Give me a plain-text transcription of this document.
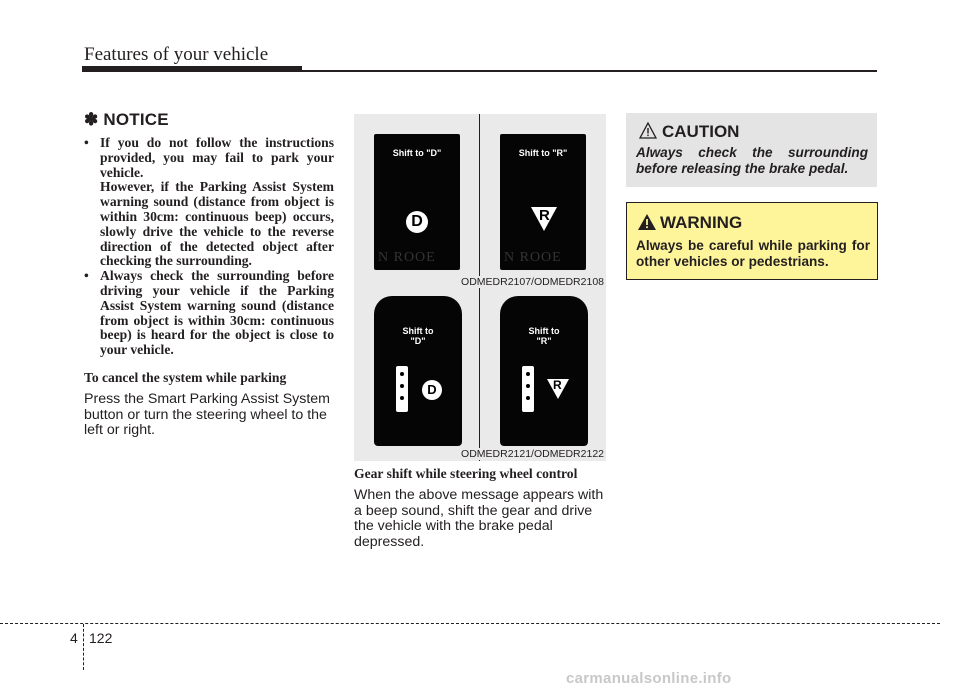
Features of your vehicle
✽ NOTICE

• If you do not follow the instructions provided, you may fail to park your vehicle.

However, if the Parking Assist System warning sound (distance from object is within 30cm: continuous beep) occurs, slowly drive the vehicle to the reverse direction of the detected object after checking the surrounding.

• Always check the surrounding before driving your vehicle if the Parking Assist System warning sound (distance from object is within 30cm: continuous beep) is heard for the object is close to your vehicle.

To cancel the system while parking

Press the Smart Parking Assist System button or turn the steering wheel to the left or right.

Shift to "D"
D
N ROOE
Shift to "R"
R
N ROOE
ODMEDR2107/ODMEDR2108
Shift to
"D"
D
Shift to
"R"
R
ODMEDR2121/ODMEDR2122
Gear shift while steering wheel control

When the above message appears with a beep sound, shift the gear and drive the vehicle with the brake pedal depressed.

CAUTION
Always check the surrounding before releasing the brake pedal.
WARNING
Always be careful while parking for other vehicles or pedestrians.
4 122
carmanualsonline.info
